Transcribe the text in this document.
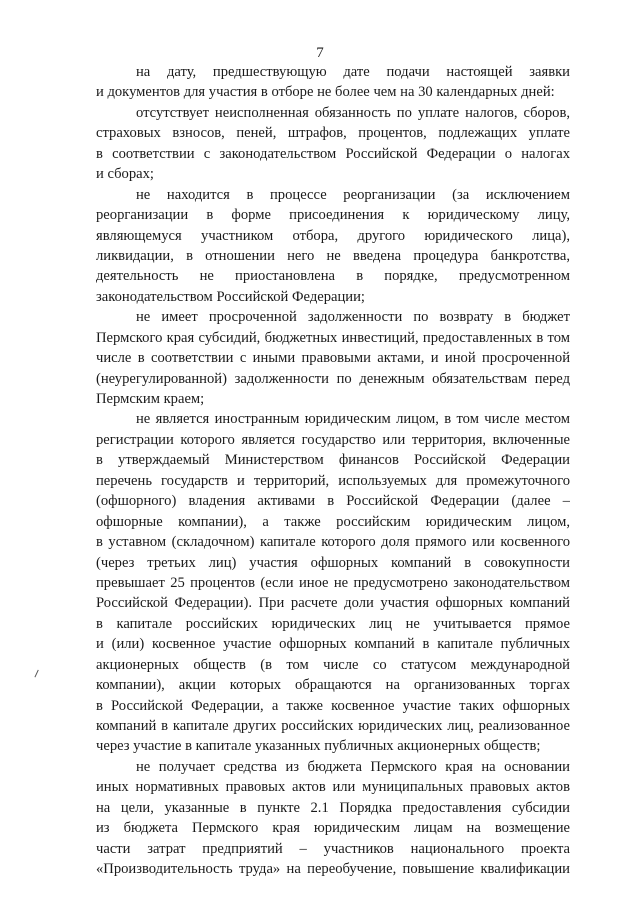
7
на дату, предшествующую дате подачи настоящей заявки
и документов для участия в отборе не более чем на 30 календарных дней:
отсутствует неисполненная обязанность по уплате налогов, сборов,
страховых взносов, пеней, штрафов, процентов, подлежащих уплате
в соответствии с законодательством Российской Федерации о налогах
и сборах;
не находится в процессе реорганизации (за исключением
реорганизации в форме присоединения к юридическому лицу,
являющемуся участником отбора, другого юридического лица),
ликвидации, в отношении него не введена процедура банкротства,
деятельность не приостановлена в порядке, предусмотренном
законодательством Российской Федерации;
не имеет просроченной задолженности по возврату в бюджет
Пермского края субсидий, бюджетных инвестиций, предоставленных в том
числе в соответствии с иными правовыми актами, и иной просроченной
(неурегулированной) задолженности по денежным обязательствам перед
Пермским краем;
не является иностранным юридическим лицом, в том числе местом
регистрации которого является государство или территория, включенные
в утверждаемый Министерством финансов Российской Федерации
перечень государств и территорий, используемых для промежуточного
(офшорного) владения активами в Российской Федерации (далее –
офшорные компании), а также российским юридическим лицом,
в уставном (складочном) капитале которого доля прямого или косвенного
(через третьих лиц) участия офшорных компаний в совокупности
превышает 25 процентов (если иное не предусмотрено законодательством
Российской Федерации). При расчете доли участия офшорных компаний
в капитале российских юридических лиц не учитывается прямое
и (или) косвенное участие офшорных компаний в капитале публичных
акционерных обществ (в том числе со статусом международной
компании), акции которых обращаются на организованных торгах
в Российской Федерации, а также косвенное участие таких офшорных
компаний в капитале других российских юридических лиц, реализованное
через участие в капитале указанных публичных акционерных обществ;
не получает средства из бюджета Пермского края на основании
иных нормативных правовых актов или муниципальных правовых актов
на цели, указанные в пункте 2.1 Порядка предоставления субсидии
из бюджета Пермского края юридическим лицам на возмещение
части затрат предприятий – участников национального проекта
«Производительность труда» на переобучение, повышение квалификации
